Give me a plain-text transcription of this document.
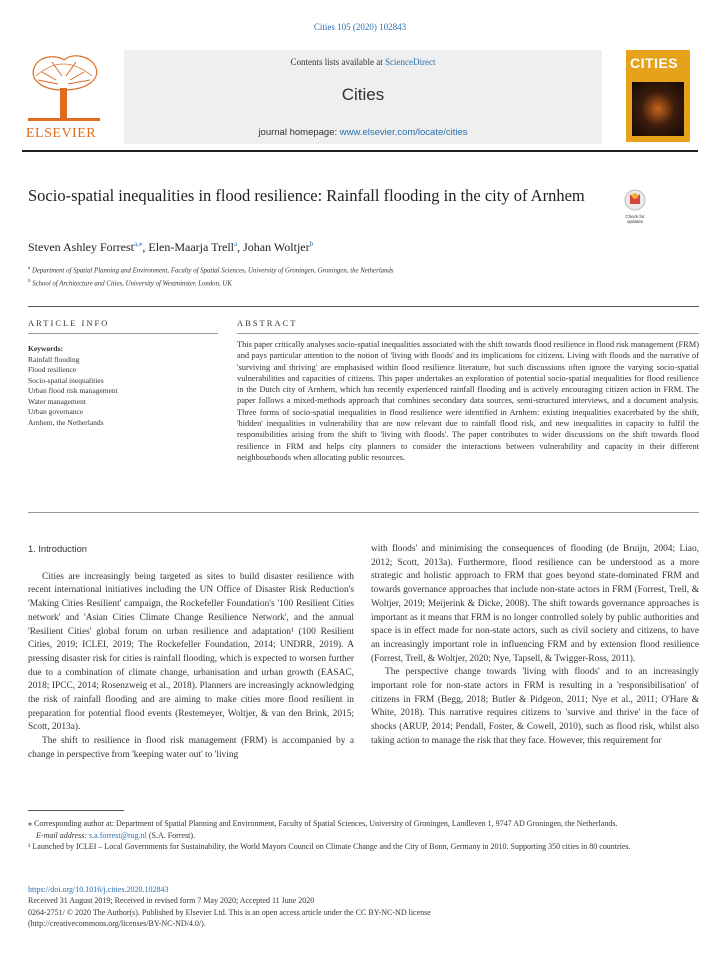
Cities 105 (2020) 102843
ELSEVIER
Contents lists available at ScienceDirect
Cities
journal homepage: www.elsevier.com/locate/cities
CITIES
Socio-spatial inequalities in flood resilience: Rainfall flooding in the city of Arnhem
Check for updates
Steven Ashley Forrest$^{a,⁎}$, Elen-Maarja Trell$^a$, Johan Woltjer$^b$
$^a$ Department of Spatial Planning and Environment, Faculty of Spatial Sciences, University of Groningen, Groningen, the Netherlands
$^b$ School of Architecture and Cities, University of Westminster, London, UK
ARTICLE INFO	ABSTRACT
Keywords:
Rainfall flooding
Flood resilience
Socio-spatial inequalities
Urban flood risk management
Water management
Urban governance
Arnhem, the Netherlands
This paper critically analyses socio-spatial inequalities associated with the shift towards flood resilience in flood risk management (FRM) and pays particular attention to the notion of 'living with floods' and its implications for citizens. Living with floods and the narrative of 'surviving and thriving' are emphasised within flood resilience literature, but such discussions often ignore the varying socio-spatial vulnerabilities and capacities of citizens. This paper undertakes an exploration of potential socio-spatial inequalities for flood resilience in the Dutch city of Arnhem, which has recently experienced rainfall flooding and is actively encouraging citizen action in FRM. The paper follows a mixed-methods approach that combines secondary data sources, semi-structured interviews, and a document analysis. Three forms of socio-spatial inequalities in flood resilience were identified in Arnhem: existing inequalities exacerbated by the shift, 'hidden' inequalities in vulnerability that are now relevant due to rainfall flood risk, and new inequalities in capacity to fulfil the responsibilities arising from the shift to 'living with floods'. The paper contributes to wider discussions on the shift towards flood resilience in FRM and helps city planners to consider the interactions between vulnerability and capacity in their different neighbourhoods when allocating public resources.
1. Introduction

Cities are increasingly being targeted as sites to build disaster resilience with recent international initiatives including the UN Office of Disaster Risk Reduction's 'Making Cities Resilient' campaign, the Rockefeller Foundation's '100 Resilient Cities network' and 'Asian Cities Climate Change Resilience Network', and the annual 'Resilient Cities' global forum on urban resilience and adaptation¹ (100 Resilient Cities, 2019; ICLEI, 2019; The Rockefeller Foundation, 2014; UNDRR, 2019). A pressing disaster risk for cities is rainfall flooding, which is expected to worsen further due to a combination of climate change, urbanisation and urban growth (EASAC, 2018; IPCC, 2014; Rosenzweig et al., 2018). Planners are increasingly acknowledging the risk of rainfall flooding and are aiming to make cities more flood resilient in preparation for potential flood events (Restemeyer, Woltjer, & van den Brink, 2015; Scott, 2013a).

The shift to resilience in flood risk management (FRM) is accompanied by a change in perspective from 'keeping water out' to 'living

with floods' and minimising the consequences of flooding (de Bruijn, 2004; Liao, 2012; Scott, 2013a). Furthermore, flood resilience can be understood as a more strategic and holistic approach to FRM that goes beyond state-dominated FRM and towards governance approaches that include non-state actors in FRM (Forrest, Trell, & Woltjer, 2019; Meijerink & Dicke, 2008). The shift towards governance approaches is important as it means that FRM is no longer controlled solely by public authorities and space is in effect made for non-state actors, such as civil society and citizens, to have an increasingly important role in influencing FRM and by extension flood resilience (Forrest, Trell, & Woltjer, 2020; Nye, Tapsell, & Twigger-Ross, 2011).

The perspective change towards 'living with floods' and to an increasingly important role for non-state actors in FRM is resulting in a 'responsibilisation' of citizens in FRM (Begg, 2018; Butler & Pidgeon, 2011; Nye et al., 2011; O'Hare & White, 2018). This narrative requires citizens to 'survive and thrive' in the face of shocks (ARUP, 2014; Pendall, Foster, & Cowell, 2010), such as flood risk, whilst also taking action to manage the risk that they face. However, this requirement for

⁎ Corresponding author at: Department of Spatial Planning and Environment, Faculty of Spatial Sciences, University of Groningen, Landleven 1, 9747 AD Groningen, the Netherlands.

E-mail address: s.a.forrest@rug.nl (S.A. Forrest).

¹ Launched by ICLEI – Local Governments for Sustainability, the World Mayors Council on Climate Change and the City of Bonn, Germany in 2010. Supporting 350 cities in 80 countries.

https://doi.org/10.1016/j.cities.2020.102843

Received 31 August 2019; Received in revised form 7 May 2020; Accepted 11 June 2020

0264-2751/ © 2020 The Author(s). Published by Elsevier Ltd. This is an open access article under the CC BY-NC-ND license

(http://creativecommons.org/licenses/BY-NC-ND/4.0/).
